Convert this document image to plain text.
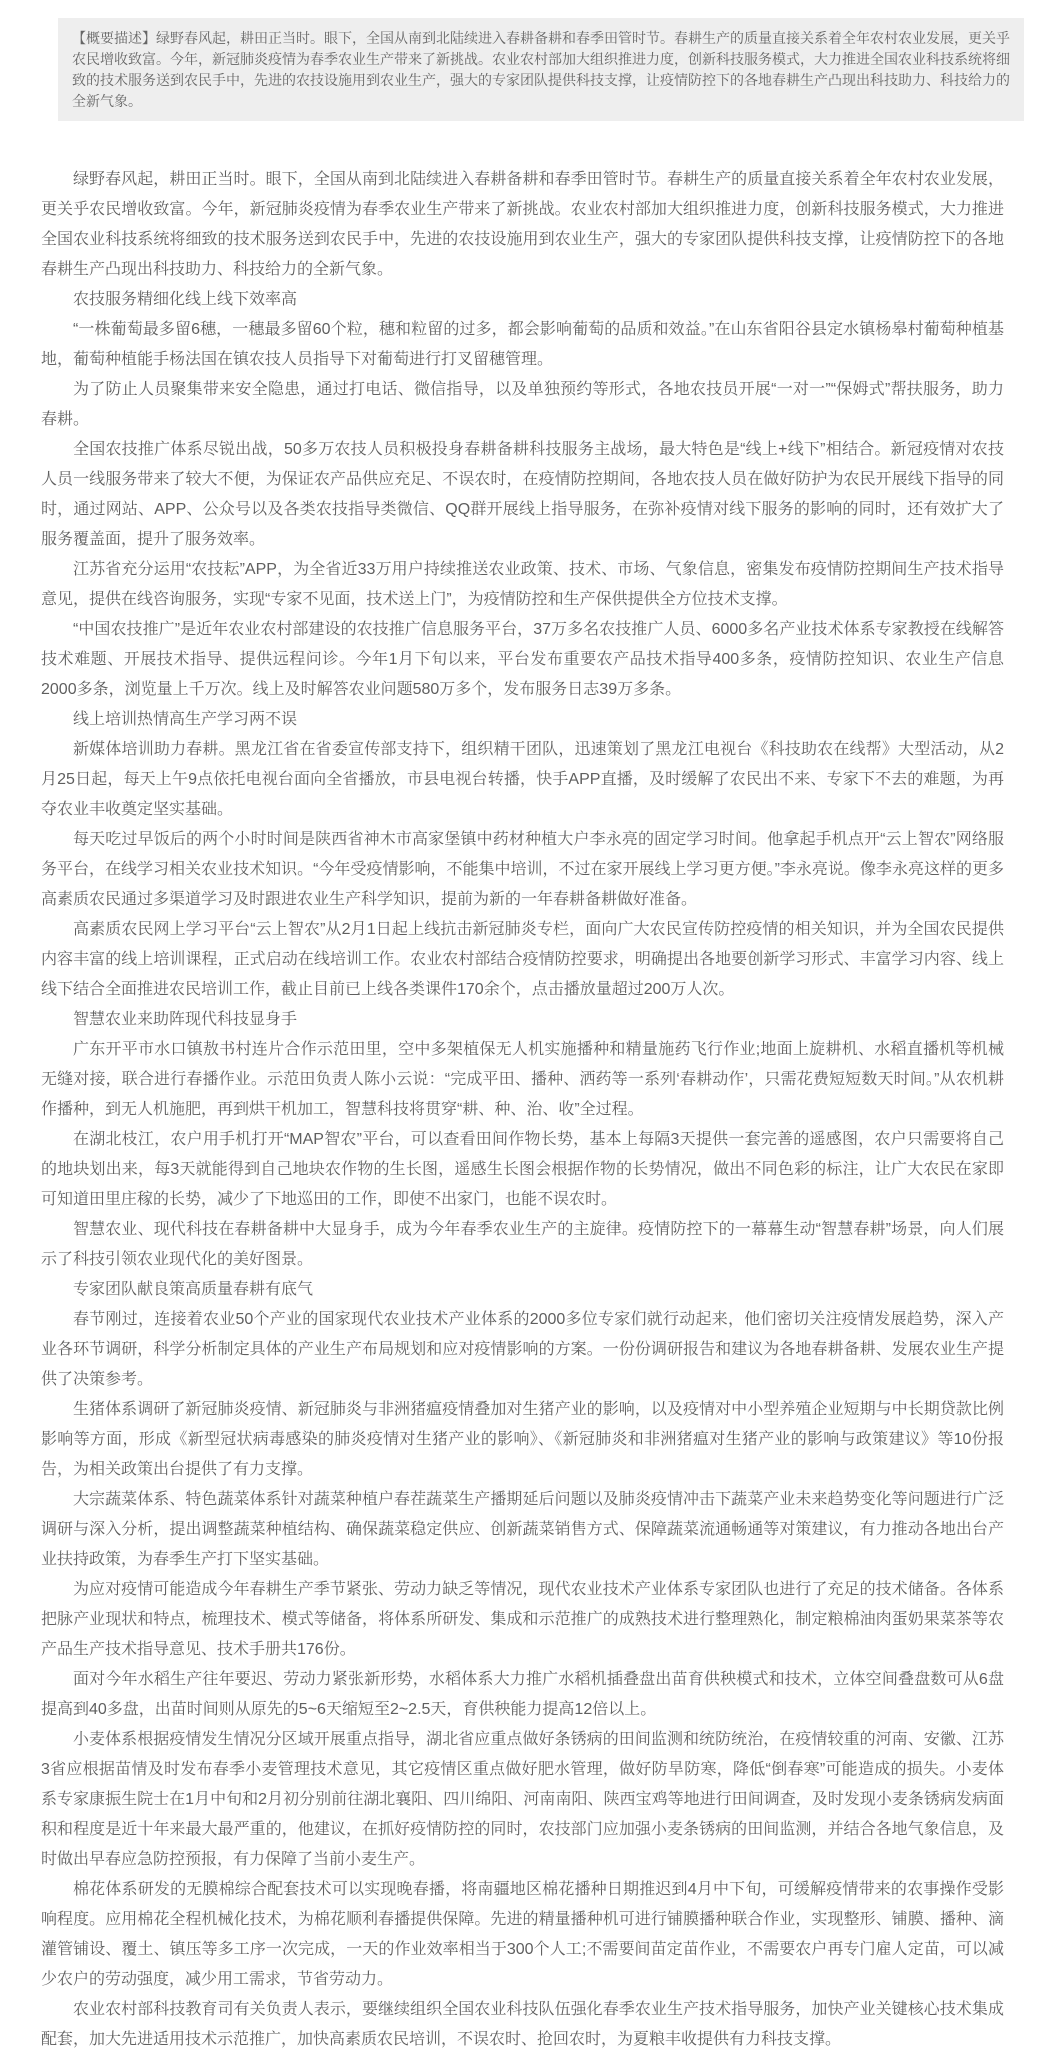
【概要描述】绿野春风起，耕田正当时。眼下，全国从南到北陆续进入春耕备耕和春季田管时节。春耕生产的质量直接关系着全年农村农业发展，更关乎农民增收致富。今年，新冠肺炎疫情为春季农业生产带来了新挑战。农业农村部加大组织推进力度，创新科技服务模式，大力推进全国农业科技系统将细致的技术服务送到农民手中，先进的农技设施用到农业生产，强大的专家团队提供科技支撑，让疫情防控下的各地春耕生产凸现出科技助力、科技给力的全新气象。

绿野春风起，耕田正当时。眼下，全国从南到北陆续进入春耕备耕和春季田管时节。春耕生产的质量直接关系着全年农村农业发展，更关乎农民增收致富。今年，新冠肺炎疫情为春季农业生产带来了新挑战。农业农村部加大组织推进力度，创新科技服务模式，大力推进全国农业科技系统将细致的技术服务送到农民手中，先进的农技设施用到农业生产，强大的专家团队提供科技支撑，让疫情防控下的各地春耕生产凸现出科技助力、科技给力的全新气象。

农技服务精细化线上线下效率高

“一株葡萄最多留6穗，一穗最多留60个粒，穗和粒留的过多，都会影响葡萄的品质和效益。”在山东省阳谷县定水镇杨皋村葡萄种植基地，葡萄种植能手杨法国在镇农技人员指导下对葡萄进行打叉留穗管理。

为了防止人员聚集带来安全隐患，通过打电话、微信指导，以及单独预约等形式，各地农技员开展“一对一”“保姆式”帮扶服务，助力春耕。

全国农技推广体系尽锐出战，50多万农技人员积极投身春耕备耕科技服务主战场，最大特色是“线上+线下”相结合。新冠疫情对农技人员一线服务带来了较大不便，为保证农产品供应充足、不误农时，在疫情防控期间，各地农技人员在做好防护为农民开展线下指导的同时，通过网站、APP、公众号以及各类农技指导类微信、QQ群开展线上指导服务，在弥补疫情对线下服务的影响的同时，还有效扩大了服务覆盖面，提升了服务效率。

江苏省充分运用“农技耘”APP，为全省近33万用户持续推送农业政策、技术、市场、气象信息，密集发布疫情防控期间生产技术指导意见，提供在线咨询服务，实现“专家不见面，技术送上门”，为疫情防控和生产保供提供全方位技术支撑。

“中国农技推广”是近年农业农村部建设的农技推广信息服务平台，37万多名农技推广人员、6000多名产业技术体系专家教授在线解答技术难题、开展技术指导、提供远程问诊。今年1月下旬以来，平台发布重要农产品技术指导400多条，疫情防控知识、农业生产信息2000多条，浏览量上千万次。线上及时解答农业问题580万多个，发布服务日志39万多条。

线上培训热情高生产学习两不误

新媒体培训助力春耕。黑龙江省在省委宣传部支持下，组织精干团队，迅速策划了黑龙江电视台《科技助农在线帮》大型活动，从2月25日起，每天上午9点依托电视台面向全省播放，市县电视台转播，快手APP直播，及时缓解了农民出不来、专家下不去的难题，为再夺农业丰收奠定坚实基础。

每天吃过早饭后的两个小时时间是陕西省神木市高家堡镇中药材种植大户李永亮的固定学习时间。他拿起手机点开“云上智农”网络服务平台，在线学习相关农业技术知识。“今年受疫情影响，不能集中培训，不过在家开展线上学习更方便。”李永亮说。像李永亮这样的更多高素质农民通过多渠道学习及时跟进农业生产科学知识，提前为新的一年春耕备耕做好准备。

高素质农民网上学习平台“云上智农”从2月1日起上线抗击新冠肺炎专栏，面向广大农民宣传防控疫情的相关知识，并为全国农民提供内容丰富的线上培训课程，正式启动在线培训工作。农业农村部结合疫情防控要求，明确提出各地要创新学习形式、丰富学习内容、线上线下结合全面推进农民培训工作，截止目前已上线各类课件170余个，点击播放量超过200万人次。

智慧农业来助阵现代科技显身手

广东开平市水口镇敖书村连片合作示范田里，空中多架植保无人机实施播种和精量施药飞行作业;地面上旋耕机、水稻直播机等机械无缝对接，联合进行春播作业。示范田负责人陈小云说：“完成平田、播种、洒药等一系列‘春耕动作’，只需花费短短数天时间。”从农机耕作播种，到无人机施肥，再到烘干机加工，智慧科技将贯穿“耕、种、治、收”全过程。

在湖北枝江，农户用手机打开“MAP智农”平台，可以查看田间作物长势，基本上每隔3天提供一套完善的遥感图，农户只需要将自己的地块划出来，每3天就能得到自己地块农作物的生长图，遥感生长图会根据作物的长势情况，做出不同色彩的标注，让广大农民在家即可知道田里庄稼的长势，减少了下地巡田的工作，即使不出家门，也能不误农时。

智慧农业、现代科技在春耕备耕中大显身手，成为今年春季农业生产的主旋律。疫情防控下的一幕幕生动“智慧春耕”场景，向人们展示了科技引领农业现代化的美好图景。

专家团队献良策高质量春耕有底气

春节刚过，连接着农业50个产业的国家现代农业技术产业体系的2000多位专家们就行动起来，他们密切关注疫情发展趋势，深入产业各环节调研，科学分析制定具体的产业生产布局规划和应对疫情影响的方案。一份份调研报告和建议为各地春耕备耕、发展农业生产提供了决策参考。

生猪体系调研了新冠肺炎疫情、新冠肺炎与非洲猪瘟疫情叠加对生猪产业的影响，以及疫情对中小型养殖企业短期与中长期贷款比例影响等方面，形成《新型冠状病毒感染的肺炎疫情对生猪产业的影响》、《新冠肺炎和非洲猪瘟对生猪产业的影响与政策建议》等10份报告，为相关政策出台提供了有力支撑。

大宗蔬菜体系、特色蔬菜体系针对蔬菜种植户春茬蔬菜生产播期延后问题以及肺炎疫情冲击下蔬菜产业未来趋势变化等问题进行广泛调研与深入分析，提出调整蔬菜种植结构、确保蔬菜稳定供应、创新蔬菜销售方式、保障蔬菜流通畅通等对策建议，有力推动各地出台产业扶持政策，为春季生产打下坚实基础。

为应对疫情可能造成今年春耕生产季节紧张、劳动力缺乏等情况，现代农业技术产业体系专家团队也进行了充足的技术储备。各体系把脉产业现状和特点，梳理技术、模式等储备，将体系所研发、集成和示范推广的成熟技术进行整理熟化，制定粮棉油肉蛋奶果菜茶等农产品生产技术指导意见、技术手册共176份。

面对今年水稻生产往年要迟、劳动力紧张新形势，水稻体系大力推广水稻机插叠盘出苗育供秧模式和技术，立体空间叠盘数可从6盘提高到40多盘，出苗时间则从原先的5~6天缩短至2~2.5天，育供秧能力提高12倍以上。

小麦体系根据疫情发生情况分区域开展重点指导，湖北省应重点做好条锈病的田间监测和统防统治，在疫情较重的河南、安徽、江苏3省应根据苗情及时发布春季小麦管理技术意见，其它疫情区重点做好肥水管理，做好防旱防寒，降低“倒春寒”可能造成的损失。小麦体系专家康振生院士在1月中旬和2月初分别前往湖北襄阳、四川绵阳、河南南阳、陕西宝鸡等地进行田间调查，及时发现小麦条锈病发病面积和程度是近十年来最大最严重的，他建议，在抓好疫情防控的同时，农技部门应加强小麦条锈病的田间监测，并结合各地气象信息，及时做出早春应急防控预报，有力保障了当前小麦生产。

棉花体系研发的无膜棉综合配套技术可以实现晚春播，将南疆地区棉花播种日期推迟到4月中下旬，可缓解疫情带来的农事操作受影响程度。应用棉花全程机械化技术，为棉花顺利春播提供保障。先进的精量播种机可进行铺膜播种联合作业，实现整形、铺膜、播种、滴灌管铺设、覆土、镇压等多工序一次完成，一天的作业效率相当于300个人工;不需要间苗定苗作业，不需要农户再专门雇人定苗，可以减少农户的劳动强度，减少用工需求，节省劳动力。

农业农村部科技教育司有关负责人表示，要继续组织全国农业科技队伍强化春季农业生产技术指导服务，加快产业关键核心技术集成配套，加大先进适用技术示范推广，加快高素质农民培训，不误农时、抢回农时，为夏粮丰收提供有力科技支撑。
